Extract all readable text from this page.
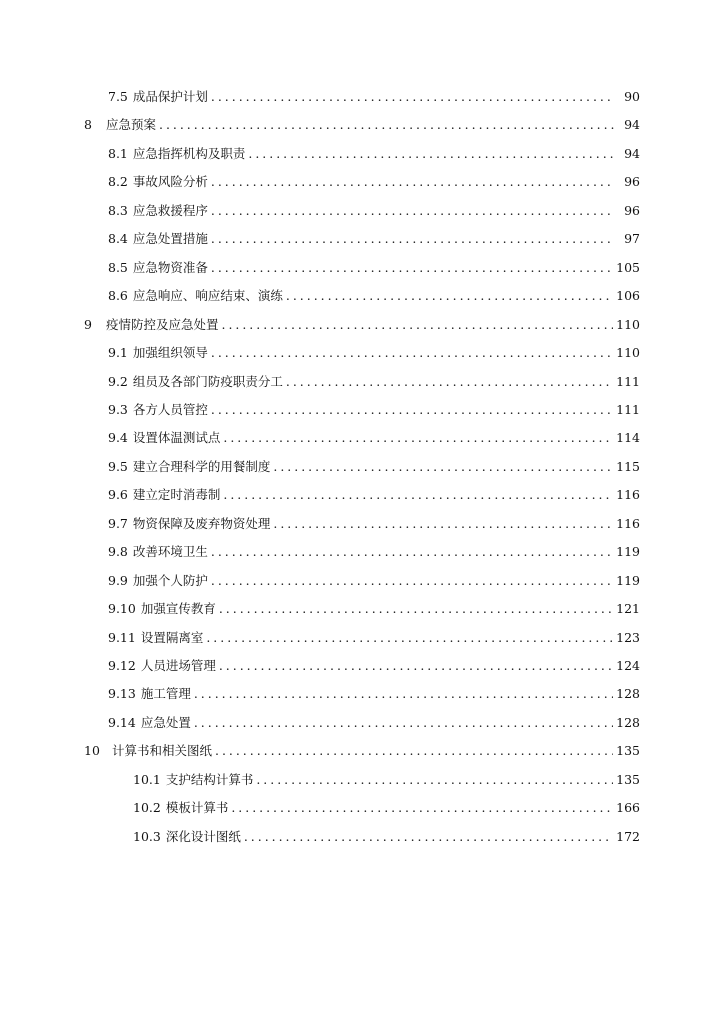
7.5 成品保护计划 . . .	90
8	应急预案 . . .	94
8.1 应急指挥机构及职责 . . .	94
8.2 事故风险分析 . . .	96
8.3 应急救援程序 . . .	96
8.4 应急处置措施 . . .	97
8.5 应急物资准备 . . .	105
8.6 应急响应、响应结束、演练 . . .	106
9	疫情防控及应急处置 . . .	110
9.1 加强组织领导 . . .	110
9.2 组员及各部门防疫职责分工 . . .	111
9.3 各方人员管控 . . .	111
9.4 设置体温测试点 . . .	114
9.5 建立合理科学的用餐制度 . . .	115
9.6 建立定时消毒制 . . .	116
9.7 物资保障及废弃物资处理 . . .	116
9.8 改善环境卫生 . . .	119
9.9 加强个人防护 . . .	119
9.10 加强宣传教育 . . .	121
9.11 设置隔离室 . . .	123
9.12 人员进场管理 . . .	124
9.13 施工管理 . . .	128
9.14 应急处置 . . .	128
10 计算书和相关图纸 . . .	135
10.1 支护结构计算书 . . .	135
10.2 模板计算书 . . .	166
10.3 深化设计图纸 . . .	172
